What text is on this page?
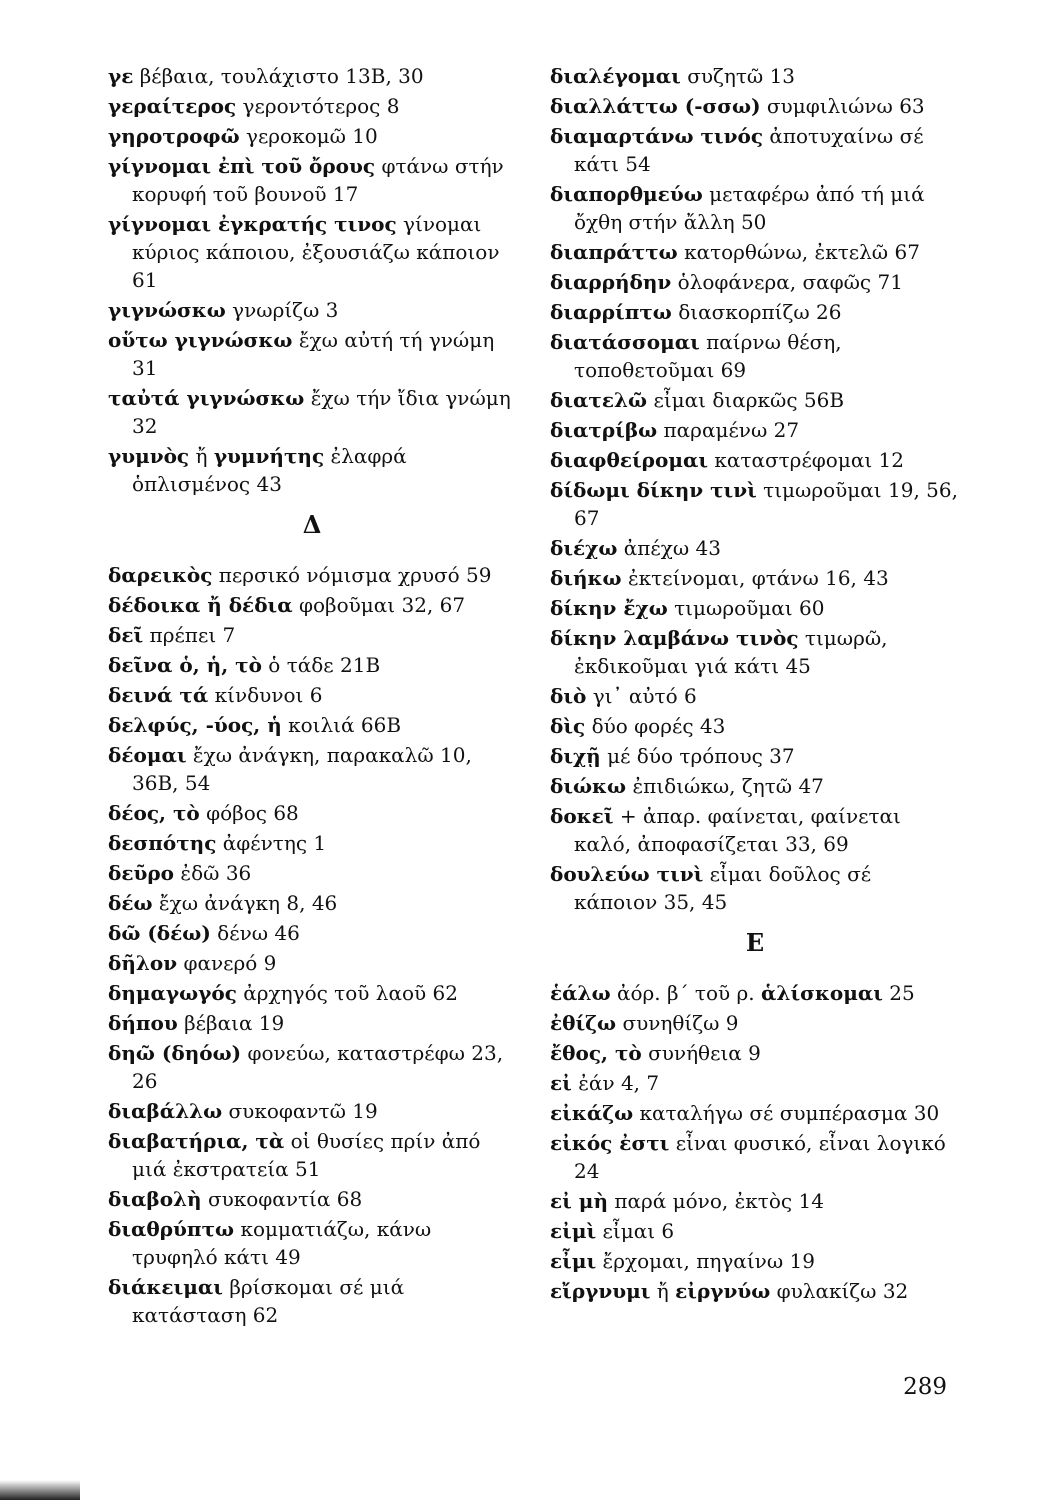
γε βέβαια, τουλάχιστο 13Β, 30
γεραίτερος γεροντότερος 8
γηροτροφῶ γεροκομῶ 10
γίγνομαι ἐπὶ τοῦ ὄρους φτάνω στήν κορυφή τοῦ βουνοῦ 17
γίγνομαι ἐγκρατής τινος γίνομαι κύριος κάποιου, ἐξουσιάζω κάποιον 61
γιγνώσκω γνωρίζω 3
οὕτω γιγνώσκω ἔχω αὐτή τή γνώμη 31
ταὐτά γιγνώσκω ἔχω τήν ἴδια γνώμη 32
γυμνὸς ἤ γυμνήτης ἐλαφρά ὁπλισμένος 43
Δ
δαρεικὸς περσικό νόμισμα χρυσό 59
δέδοικα ἤ δέδια φοβοῦμαι 32, 67
δεῖ πρέπει 7
δεῖνα ὁ, ἡ, τὸ ὁ τάδε 21Β
δεινά τά κίνδυνοι 6
δελφύς, -ύος, ἡ κοιλιά 66Β
δέομαι ἔχω ἀνάγκη, παρακαλῶ 10, 36Β, 54
δέος, τὸ φόβος 68
δεσπότης ἀφέντης 1
δεῦρο ἐδῶ 36
δέω ἔχω ἀνάγκη 8, 46
δῶ (δέω) δένω 46
δῆλον φανερό 9
δημαγωγός ἀρχηγός τοῦ λαοῦ 62
δήπου βέβαια 19
δηῶ (δηόω) φονεύω, καταστρέφω 23, 26
διαβάλλω συκοφαντῶ 19
διαβατήρια, τὰ οἱ θυσίες πρίν ἀπό μιά ἐκστρατεία 51
διαβολὴ συκοφαντία 68
διαθρύπτω κομματιάζω, κάνω τρυφηλό κάτι 49
διάκειμαι βρίσκομαι σέ μιά κατάσταση 62
διαλέγομαι συζητῶ 13
διαλλάττω (-σσω) συμφιλιώνω 63
διαμαρτάνω τινός ἀποτυχαίνω σέ κάτι 54
διαπορθμεύω μεταφέρω ἀπό τή μιά ὄχθη στήν ἄλλη 50
διαπράττω κατορθώνω, ἐκτελῶ 67
διαρρήδην ὁλοφάνερα, σαφῶς 71
διαρρίπτω διασκορπίζω 26
διατάσσομαι παίρνω θέση, τοποθετοῦμαι 69
διατελῶ εἶμαι διαρκῶς 56Β
διατρίβω παραμένω 27
διαφθείρομαι καταστρέφομαι 12
δίδωμι δίκην τινὶ τιμωροῦμαι 19, 56, 67
διέχω ἀπέχω 43
διήκω ἐκτείνομαι, φτάνω 16, 43
δίκην ἔχω τιμωροῦμαι 60
δίκην λαμβάνω τινὸς τιμωρῶ, ἐκδικοῦμαι γιά κάτι 45
διὸ γι᾽ αὐτό 6
δὶς δύο φορές 43
διχῇ μέ δύο τρόπους 37
διώκω ἐπιδιώκω, ζητῶ 47
δοκεῖ + ἀπαρ. φαίνεται, φαίνεται καλό, ἀποφασίζεται 33, 69
δουλεύω τινὶ εἶμαι δοῦλος σέ κάποιον 35, 45
Ε
ἑάλω ἀόρ. β΄ τοῦ ρ. ἁλίσκομαι 25
ἐθίζω συνηθίζω 9
ἔθος, τὸ συνήθεια 9
εἰ ἐάν 4, 7
εἰκάζω καταλήγω σέ συμπέρασμα 30
εἰκός ἐστι εἶναι φυσικό, εἶναι λογικό 24
εἰ μὴ παρά μόνο, ἐκτὸς 14
εἰμὶ εἶμαι 6
εἶμι ἔρχομαι, πηγαίνω 19
εἴργνυμι ἤ εἰργνύω φυλακίζω 32
289
